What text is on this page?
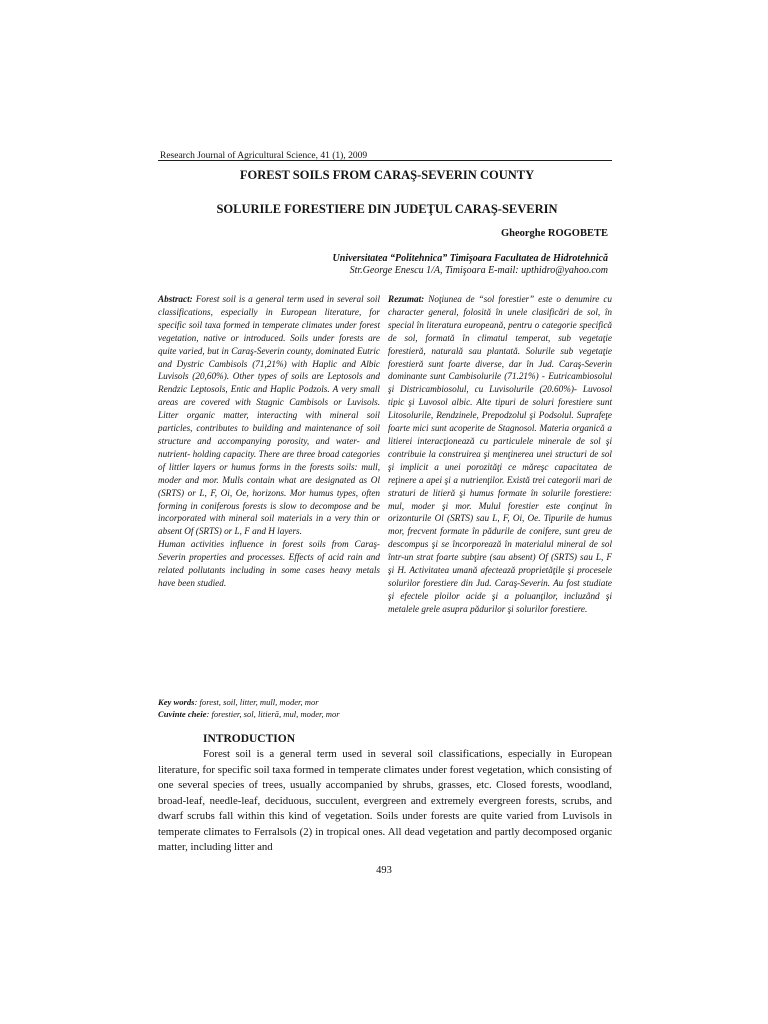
Research Journal of Agricultural Science, 41 (1), 2009
FOREST SOILS FROM CARAŞ-SEVERIN COUNTY
SOLURILE FORESTIERE DIN JUDEŢUL CARAŞ-SEVERIN
Gheorghe ROGOBETE
Universitatea “Politehnica” Timişoara Facultatea de Hidrotehnică
Str.George Enescu 1/A, Timişoara E-mail: upthidro@yahoo.com

Abstract: Forest soil is a general term used in several soil classifications, especially in European literature, for specific soil taxa formed in temperate climates under forest vegetation, native or introduced. Soils under forests are quite varied, but in Caraş-Severin county, dominated Eutric and Dystric Cambisols (71,21%) with Haplic and Albic Luvisols (20,60%). Other types of soils are Leptosols and Rendzic Leptosols, Entic and Haplic Podzols. A very small areas are covered with Stagnic Cambisols or Luvisols. Litter organic matter, interacting with mineral soil particles, contributes to building and maintenance of soil structure and accompanying porosity, and water- and nutrient- holding capacity. There are three broad categories of littler layers or humus forms in the forests soils: mull, moder and mor. Mulls contain what are designated as Ol (SRTS) or L, F, Oi, Oe, horizons. Mor humus types, often forming in coniferous forests is slow to decompose and be incorporated with mineral soil materials in a very thin or absent Of (SRTS) or L, F and H layers.

Human activities influence in forest soils from Caraş-Severin properties and processes. Effects of acid rain and related pollutants including in some cases heavy metals have been studied.

Rezumat: Noţiunea de “sol forestier” este o denumire cu character general, folosită în unele clasificări de sol, în special în literatura europeană, pentru o categorie specifică de sol, formată în climatul temperat, sub vegetaţie forestieră, naturală sau plantată. Solurile sub vegetaţie forestieră sunt foarte diverse, dar în Jud. Caraş-Severin dominante sunt Cambisolurile (71.21%) - Eutricambiosolul şi Districambiosolul, cu Luvisolurile (20.60%)- Luvosol tipic şi Luvosol albic. Alte tipuri de soluri forestiere sunt Litosolurile, Rendzinele, Prepodzolul şi Podsolul. Suprafeţe foarte mici sunt acoperite de Stagnosol. Materia organică a litierei interacţionează cu particulele minerale de sol şi contribuie la construirea şi menţinerea unei structuri de sol şi implicit a unei porozităţi ce măreşc capacitatea de reţinere a apei şi a nutrienţilor. Există trei categorii mari de straturi de litieră şi humus formate în solurile forestiere: mul, moder şi mor. Mulul forestier este conţinut în orizonturile Ol (SRTS) sau L, F, Oi, Oe. Tipurile de humus mor, frecvent formate în pădurile de conifere, sunt greu de descompus şi se încorporează în materialul mineral de sol într-un strat foarte subţire (sau absent) Of (SRTS) sau L, F şi H. Activitatea umană afectează proprietăţile şi procesele solurilor forestiere din Jud. Caraş-Severin. Au fost studiate şi efectele ploilor acide şi a poluanţilor, incluzând şi metalele grele asupra pădurilor şi solurilor forestiere.

Key words: forest, soil, litter, mull, moder, mor
Cuvinte cheie: forestier, sol, litieră, mul, moder, mor
INTRODUCTION

Forest soil is a general term used in several soil classifications, especially in European literature, for specific soil taxa formed in temperate climates under forest vegetation, which consisting of one several species of trees, usually accompanied by shrubs, grasses, etc. Closed forests, woodland, broad-leaf, needle-leaf, deciduous, succulent, evergreen and extremely evergreen forests, scrubs, and dwarf scrubs fall within this kind of vegetation. Soils under forests are quite varied from Luvisols in temperate climates to Ferralsols (2) in tropical ones. All dead vegetation and partly decomposed organic matter, including litter and

493
